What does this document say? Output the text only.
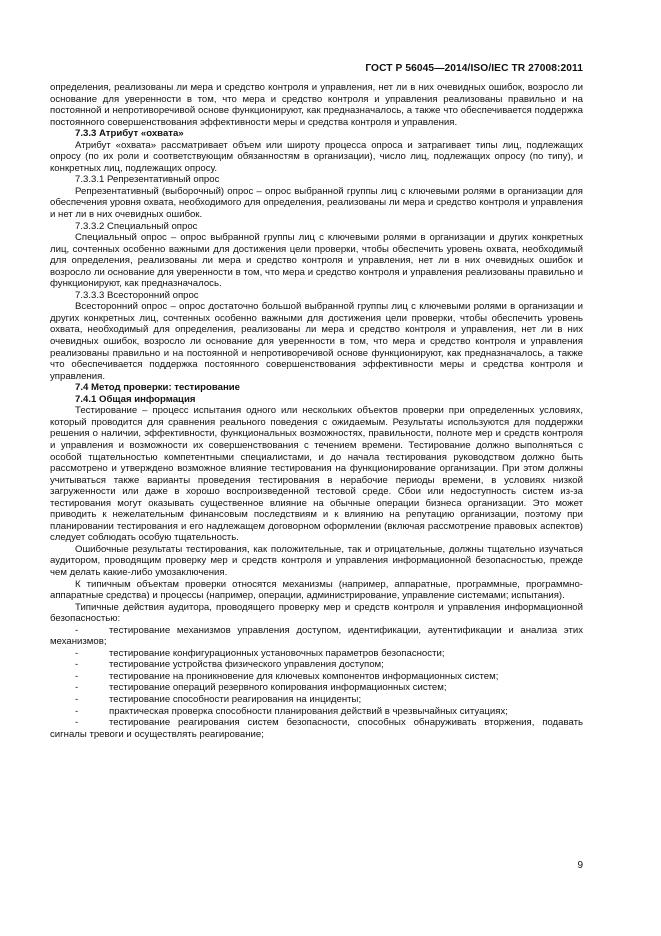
ГОСТ Р 56045—2014/ISO/IEC TR 27008:2011

определения, реализованы ли мера и средство контроля и управления, нет ли в них очевидных ошибок, возросло ли основание для уверенности в том, что мера и средство контроля и управления реализованы правильно и на постоянной и непротиворечивой основе функционируют, как предназначалось, а также что обеспечивается поддержка постоянного совершенствования эффективности меры и средства контроля и управления.

7.3.3 Атрибут «охвата»

Атрибут «охвата» рассматривает объем или широту процесса опроса и затрагивает типы лиц, подлежащих опросу (по их роли и соответствующим обязанностям в организации), число лиц, подлежащих опросу (по типу), и конкретных лиц, подлежащих опросу.

7.3.3.1 Репрезентативный опрос

Репрезентативный (выборочный) опрос – опрос выбранной группы лиц с ключевыми ролями в организации для обеспечения уровня охвата, необходимого для определения, реализованы ли мера и средство контроля и управления и нет ли в них очевидных ошибок.

7.3.3.2 Специальный опрос

Специальный опрос – опрос выбранной группы лиц с ключевыми ролями в организации и других конкретных лиц, сочтенных особенно важными для достижения цели проверки, чтобы обеспечить уровень охвата, необходимый для определения, реализованы ли мера и средство контроля и управления, нет ли в них очевидных ошибок и возросло ли основание для уверенности в том, что мера и средство контроля и управления реализованы правильно и функционируют, как предназначалось.

7.3.3.3 Всесторонний опрос

Всесторонний опрос – опрос достаточно большой выбранной группы лиц с ключевыми ролями в организации и других конкретных лиц, сочтенных особенно важными для достижения цели проверки, чтобы обеспечить уровень охвата, необходимый для определения, реализованы ли мера и средство контроля и управления, нет ли в них очевидных ошибок, возросло ли основание для уверенности в том, что мера и средство контроля и управления реализованы правильно и на постоянной и непротиворечивой основе функционируют, как предназначалось, а также что обеспечивается поддержка постоянного совершенствования эффективности меры и средства контроля и управления.

7.4 Метод проверки: тестирование

7.4.1 Общая информация

Тестирование – процесс испытания одного или нескольких объектов проверки при определенных условиях, который проводится для сравнения реального поведения с ожидаемым. Результаты используются для поддержки решения о наличии, эффективности, функциональных возможностях, правильности, полноте мер и средств контроля и управления и возможности их совершенствования с течением времени. Тестирование должно выполняться с особой тщательностью компетентными специалистами, и до начала тестирования руководством должно быть рассмотрено и утверждено возможное влияние тестирования на функционирование организации. При этом должны учитываться также варианты проведения тестирования в нерабочие периоды времени, в условиях низкой загруженности или даже в хорошо воспроизведенной тестовой среде. Сбои или недоступность систем из-за тестирования могут оказывать существенное влияние на обычные операции бизнеса организации. Это может приводить к нежелательным финансовым последствиям и к влиянию на репутацию организации, поэтому при планировании тестирования и его надлежащем договорном оформлении (включая рассмотрение правовых аспектов) следует соблюдать особую тщательность.

Ошибочные результаты тестирования, как положительные, так и отрицательные, должны тщательно изучаться аудитором, проводящим проверку мер и средств контроля и управления информационной безопасностью, прежде чем делать какие-либо умозаключения.

К типичным объектам проверки относятся механизмы (например, аппаратные, программные, программно-аппаратные средства) и процессы (например, операции, администрирование, управление системами; испытания).

Типичные действия аудитора, проводящего проверку мер и средств контроля и управления информационной безопасностью:

-	тестирование механизмов управления доступом, идентификации, аутентификации и анализа этих механизмов;
-	тестирование конфигурационных установочных параметров безопасности;
-	тестирование устройства физического управления доступом;
-	тестирование на проникновение для ключевых компонентов информационных систем;
-	тестирование операций резервного копирования информационных систем;
-	тестирование способности реагирования на инциденты;
-	практическая проверка способности планирования действий в чрезвычайных ситуациях;
-	тестирование реагирования систем безопасности, способных обнаруживать вторжения, подавать сигналы тревоги и осуществлять реагирование;
9
